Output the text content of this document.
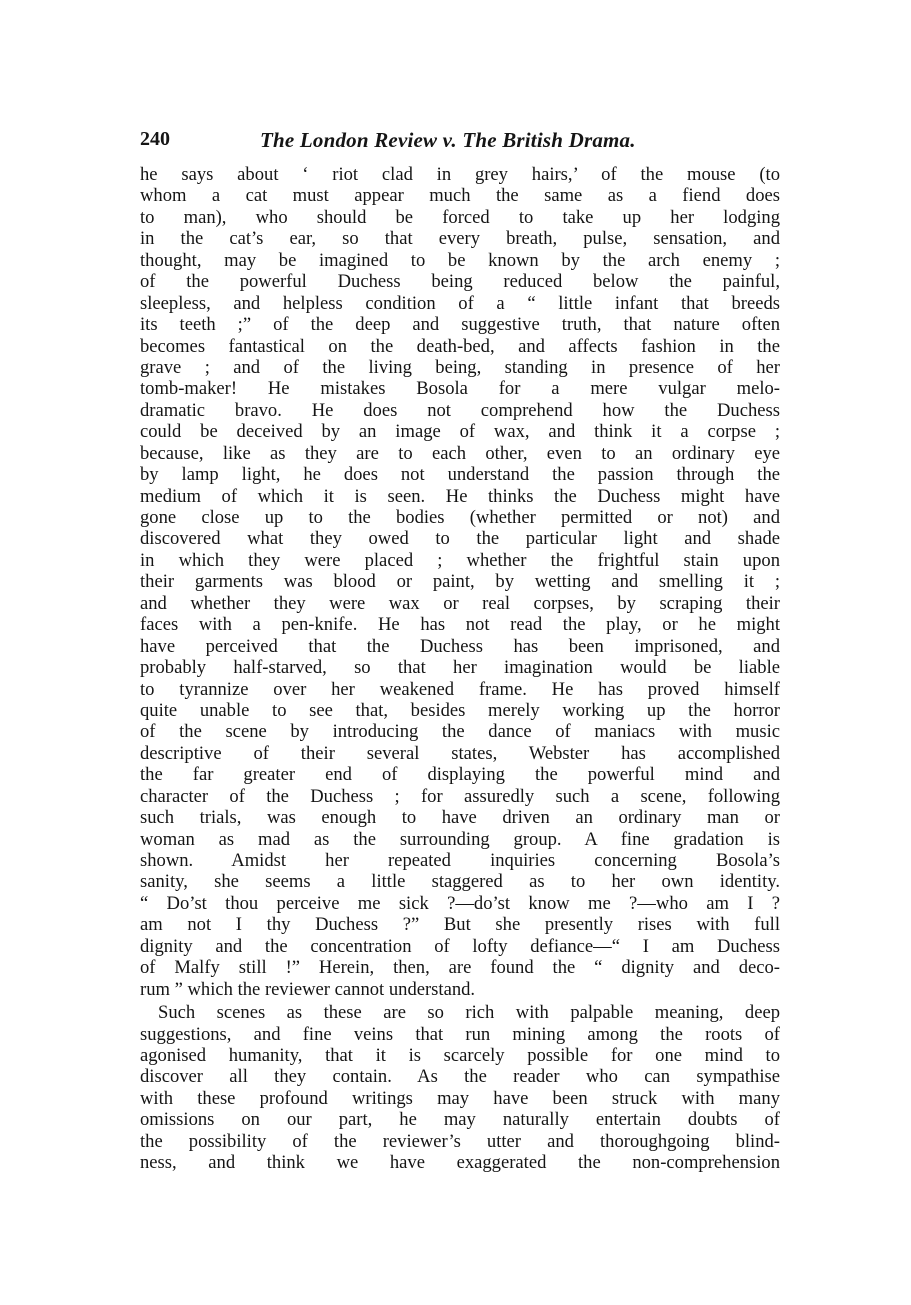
240	The London Review v. The British Drama.
he says about ‘ riot clad in grey hairs,’ of the mouse (to
whom a cat must appear much the same as a fiend does
to man), who should be forced to take up her lodging
in the cat’s ear, so that every breath, pulse, sensation, and
thought, may be imagined to be known by the arch enemy ;
of the powerful Duchess being reduced below the painful,
sleepless, and helpless condition of a “ little infant that breeds
its teeth ;” of the deep and suggestive truth, that nature often
becomes fantastical on the death-bed, and affects fashion in the
grave ; and of the living being, standing in presence of her
tomb-maker! He mistakes Bosola for a mere vulgar melo-
dramatic bravo. He does not comprehend how the Duchess
could be deceived by an image of wax, and think it a corpse ;
because, like as they are to each other, even to an ordinary eye
by lamp light, he does not understand the passion through the
medium of which it is seen. He thinks the Duchess might have
gone close up to the bodies (whether permitted or not) and
discovered what they owed to the particular light and shade
in which they were placed ; whether the frightful stain upon
their garments was blood or paint, by wetting and smelling it ;
and whether they were wax or real corpses, by scraping their
faces with a pen-knife. He has not read the play, or he might
have perceived that the Duchess has been imprisoned, and
probably half-starved, so that her imagination would be liable
to tyrannize over her weakened frame. He has proved himself
quite unable to see that, besides merely working up the horror
of the scene by introducing the dance of maniacs with music
descriptive of their several states, Webster has accomplished
the far greater end of displaying the powerful mind and
character of the Duchess ; for assuredly such a scene, following
such trials, was enough to have driven an ordinary man or
woman as mad as the surrounding group. A fine gradation is
shown. Amidst her repeated inquiries concerning Bosola’s
sanity, she seems a little staggered as to her own identity.
“ Do’st thou perceive me sick ?—do’st know me ?—who am I ?
am not I thy Duchess ?” But she presently rises with full
dignity and the concentration of lofty defiance—“ I am Duchess
of Malfy still !” Herein, then, are found the “ dignity and deco-
rum ” which the reviewer cannot understand.
Such scenes as these are so rich with palpable meaning, deep
suggestions, and fine veins that run mining among the roots of
agonised humanity, that it is scarcely possible for one mind to
discover all they contain. As the reader who can sympathise
with these profound writings may have been struck with many
omissions on our part, he may naturally entertain doubts of
the possibility of the reviewer’s utter and thoroughgoing blind-
ness, and think we have exaggerated the non-comprehension
